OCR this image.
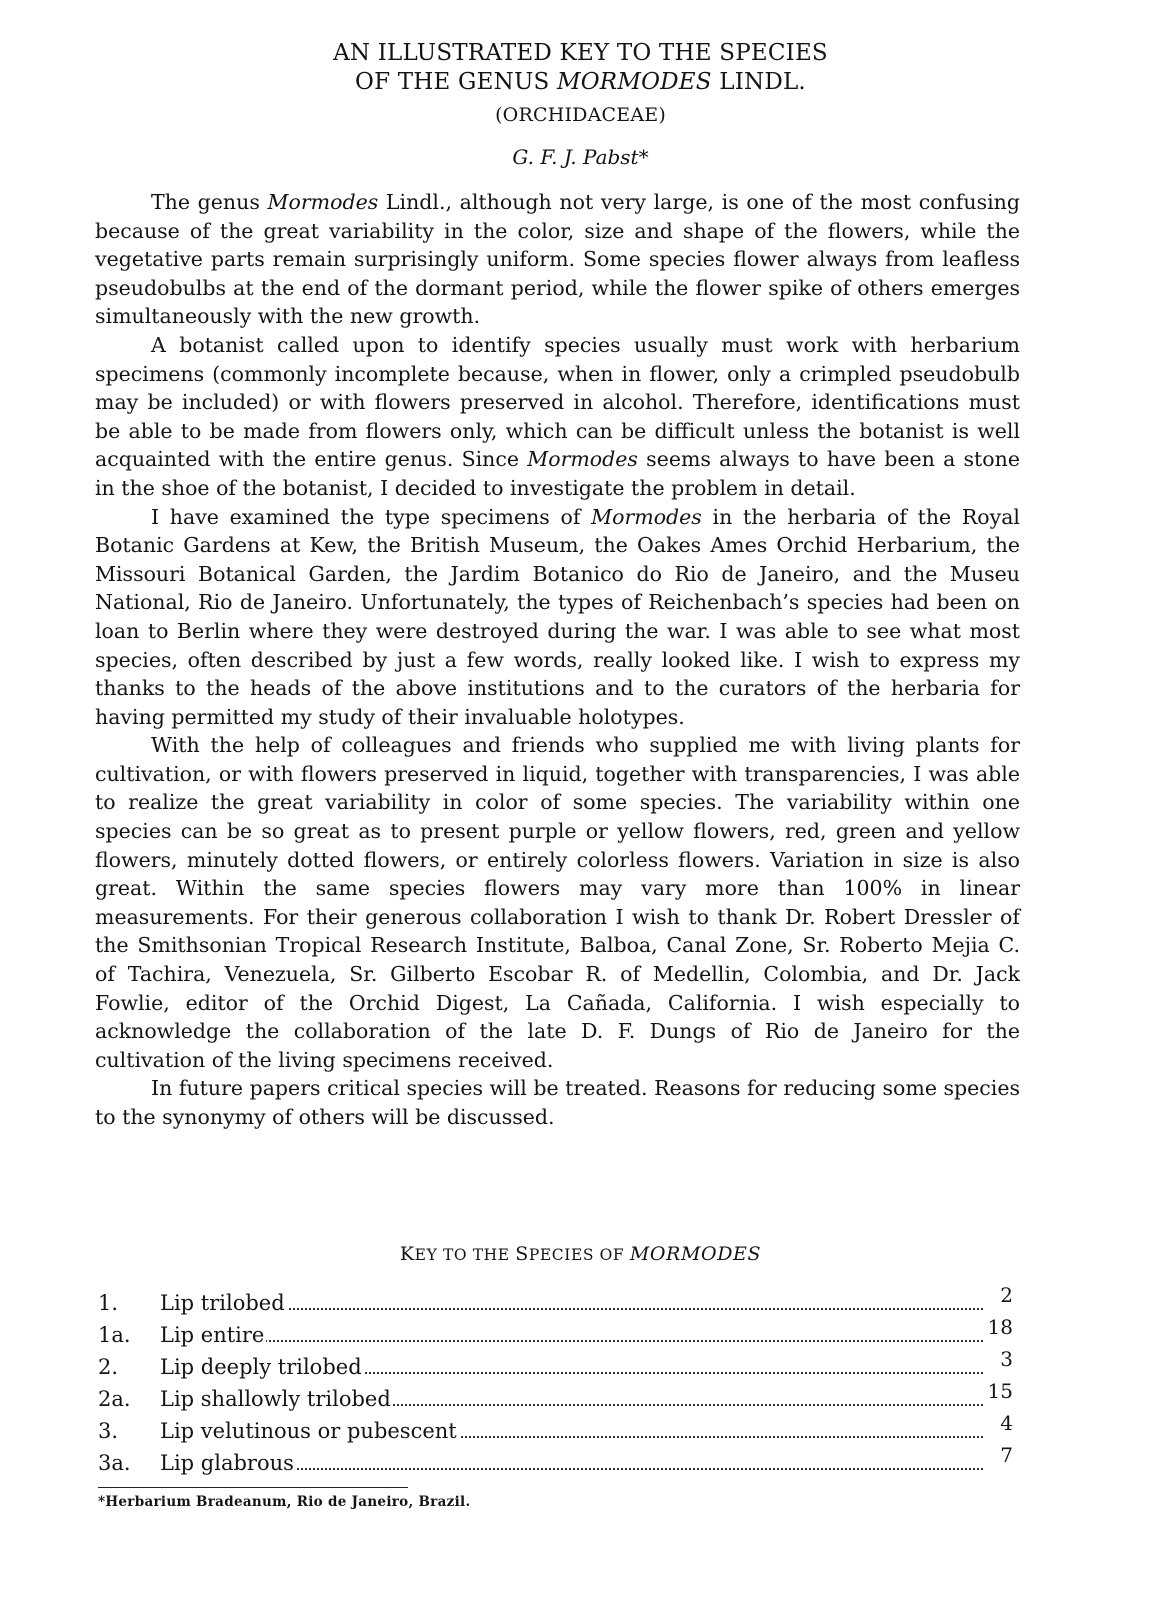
AN ILLUSTRATED KEY TO THE SPECIES
OF THE GENUS MORMODES LINDL.
(ORCHIDACEAE)
G. F. J. Pabst*

The genus Mormodes Lindl., although not very large, is one of the most confusing because of the great variability in the color, size and shape of the flowers, while the vegetative parts remain surprisingly uniform. Some species flower always from leafless pseudobulbs at the end of the dormant period, while the flower spike of others emerges simultaneously with the new growth.

A botanist called upon to identify species usually must work with herbarium specimens (commonly incomplete because, when in flower, only a crimpled pseudobulb may be included) or with flowers preserved in alcohol. Therefore, identifications must be able to be made from flowers only, which can be difficult unless the botanist is well acquainted with the entire genus. Since Mormodes seems always to have been a stone in the shoe of the botanist, I decided to investigate the problem in detail.

I have examined the type specimens of Mormodes in the herbaria of the Royal Botanic Gardens at Kew, the British Museum, the Oakes Ames Orchid Herbarium, the Missouri Botanical Garden, the Jardim Botanico do Rio de Janeiro, and the Museu National, Rio de Janeiro. Unfortunately, the types of Reichenbach’s species had been on loan to Berlin where they were destroyed during the war. I was able to see what most species, often described by just a few words, really looked like. I wish to express my thanks to the heads of the above institutions and to the curators of the herbaria for having permitted my study of their invaluable holotypes.

With the help of colleagues and friends who supplied me with living plants for cultivation, or with flowers preserved in liquid, together with transparencies, I was able to realize the great variability in color of some species. The variability within one species can be so great as to present purple or yellow flowers, red, green and yellow flowers, minutely dotted flowers, or entirely colorless flowers. Variation in size is also great. Within the same species flowers may vary more than 100% in linear measurements. For their generous collaboration I wish to thank Dr. Robert Dressler of the Smithsonian Tropical Research Institute, Balboa, Canal Zone, Sr. Roberto Mejia C. of Tachira, Venezuela, Sr. Gilberto Escobar R. of Medellin, Colombia, and Dr. Jack Fowlie, editor of the Orchid Digest, La Cañada, California. I wish especially to acknowledge the collaboration of the late D. F. Dungs of Rio de Janeiro for the cultivation of the living specimens received.

In future papers critical species will be treated. Reasons for reducing some species to the synonymy of others will be discussed.

KEY TO THE SPECIES OF MORMODES
1.	Lip trilobed	2
1a.	Lip entire	18
2.	Lip deeply trilobed	3
2a.	Lip shallowly trilobed	15
3.	Lip velutinous or pubescent	4
3a.	Lip glabrous	7
*Herbarium Bradeanum, Rio de Janeiro, Brazil.
